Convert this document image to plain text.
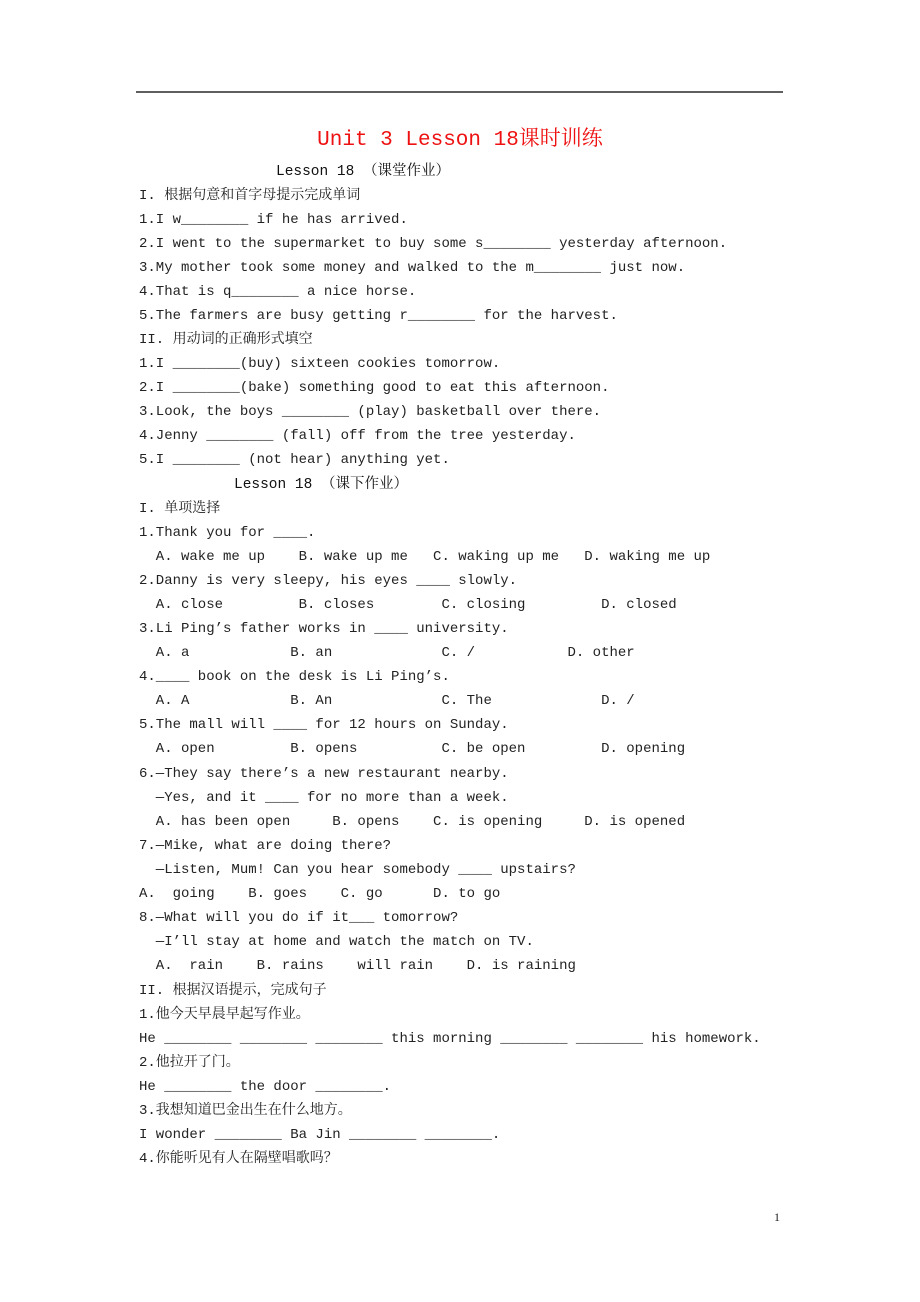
Unit 3 Lesson 18课时训练
Lesson 18 （课堂作业）
I. 根据句意和首字母提示完成单词
1.I w________ if he has arrived.
2.I went to the supermarket to buy some s________ yesterday afternoon.
3.My mother took some money and walked to the m________ just now.
4.That is q________ a nice horse.
5.The farmers are busy getting r________ for the harvest.
II. 用动词的正确形式填空
1.I ________(buy) sixteen cookies tomorrow.
2.I ________(bake) something good to eat this afternoon.
3.Look, the boys ________ (play) basketball over there.
4.Jenny ________ (fall) off from the tree yesterday.
5.I ________ (not hear) anything yet.
Lesson 18 （课下作业）
I. 单项选择
1.Thank you for ____.
A. wake me up    B. wake up me   C. waking up me   D. waking me up
2.Danny is very sleepy, his eyes ____ slowly.
A. close         B. closes        C. closing         D. closed
3.Li Ping’s father works in ____ university.
A. a            B. an             C. /           D. other
4.____ book on the desk is Li Ping’s.
A. A            B. An             C. The             D. /
5.The mall will ____ for 12 hours on Sunday.
A. open         B. opens          C. be open         D. opening
6.—They say there’s a new restaurant nearby.
—Yes, and it ____ for no more than a week.
A. has been open     B. opens    C. is opening     D. is opened
7.—Mike, what are doing there?
—Listen, Mum! Can you hear somebody ____ upstairs?
A.  going    B. goes    C. go      D. to go
8.—What will you do if it___ tomorrow?
—I’ll stay at home and watch the match on TV.
A.  rain    B. rains    will rain    D. is raining
II. 根据汉语提示，完成句子
1.他今天早晨早起写作业。
He ________ ________ ________ this morning ________ ________ his homework.
2.他拉开了门。
He ________ the door ________.
3.我想知道巴金出生在什么地方。
I wonder ________ Ba Jin ________ ________.
4.你能听见有人在隔壁唱歌吗？
1
